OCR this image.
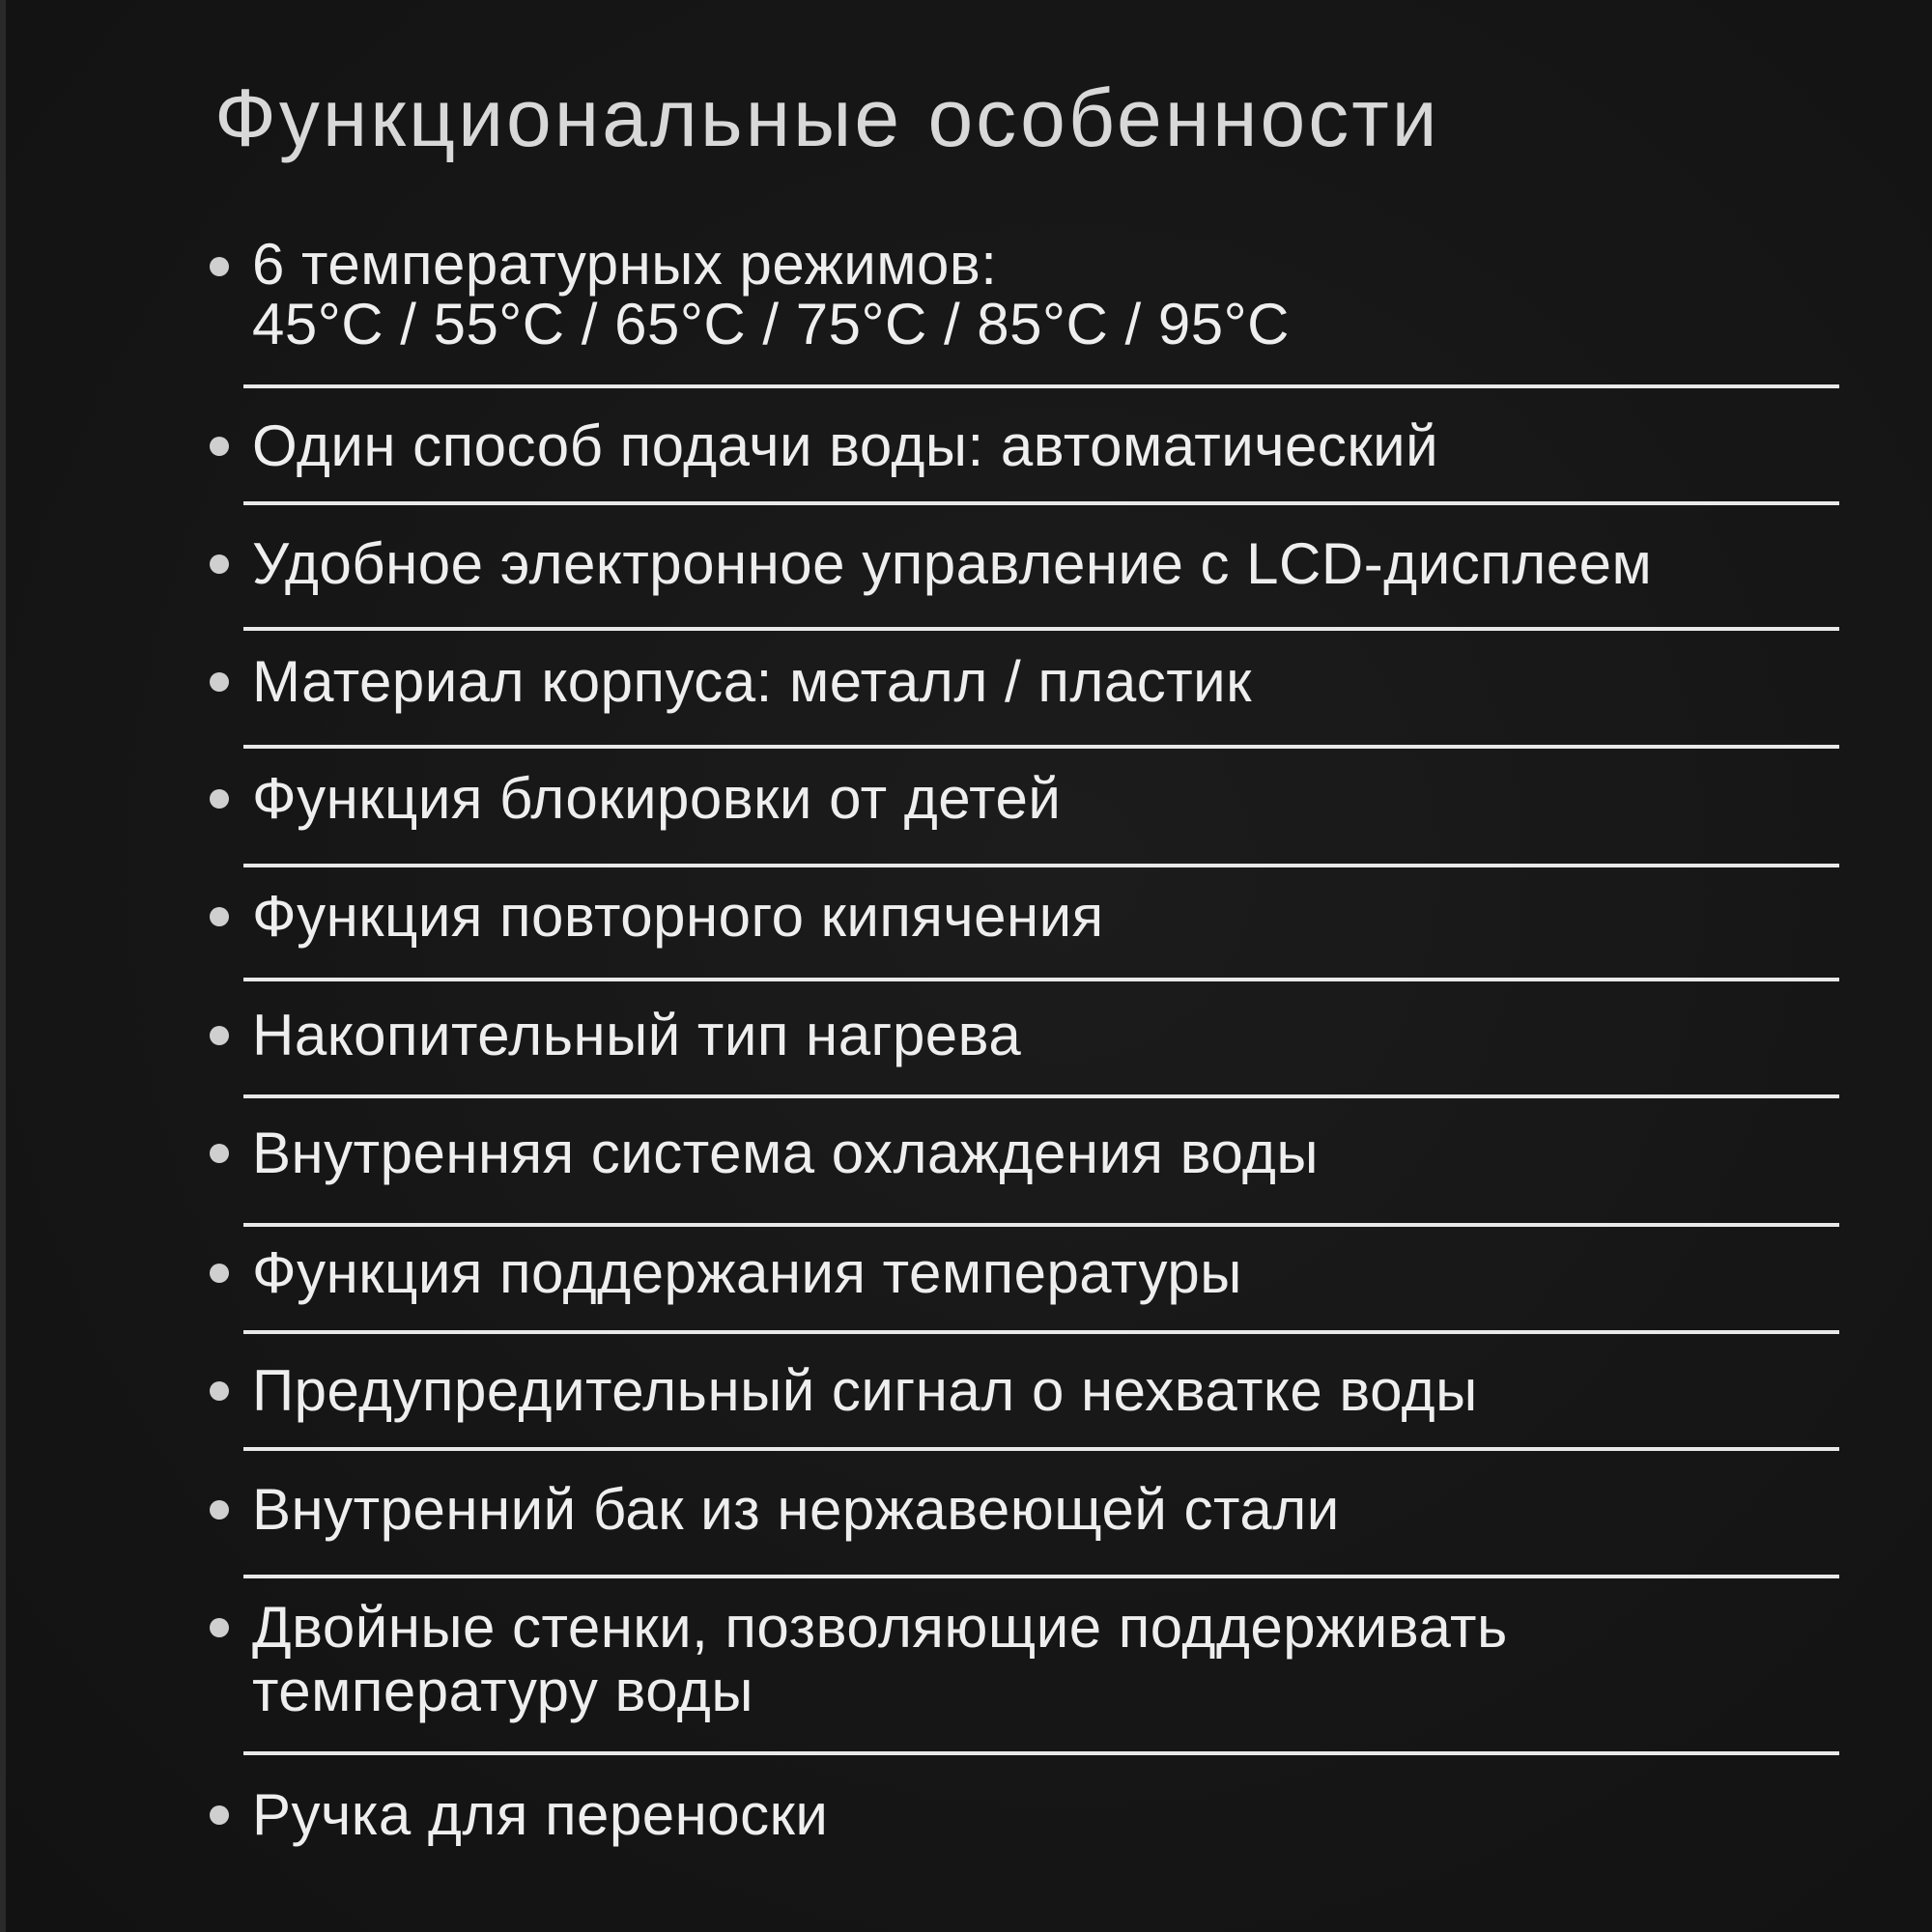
Функциональные особенности
6 температурных режимов:
45°C / 55°C / 65°C / 75°C / 85°C / 95°C
Один способ подачи воды: автоматический
Удобное электронное управление с LCD-дисплеем
Материал корпуса: металл / пластик
Функция блокировки от детей
Функция повторного кипячения
Накопительный тип нагрева
Внутренняя система охлаждения воды
Функция поддержания температуры
Предупредительный сигнал о нехватке воды
Внутренний бак из нержавеющей стали
Двойные стенки, позволяющие поддерживать
температуру воды
Ручка для переноски
